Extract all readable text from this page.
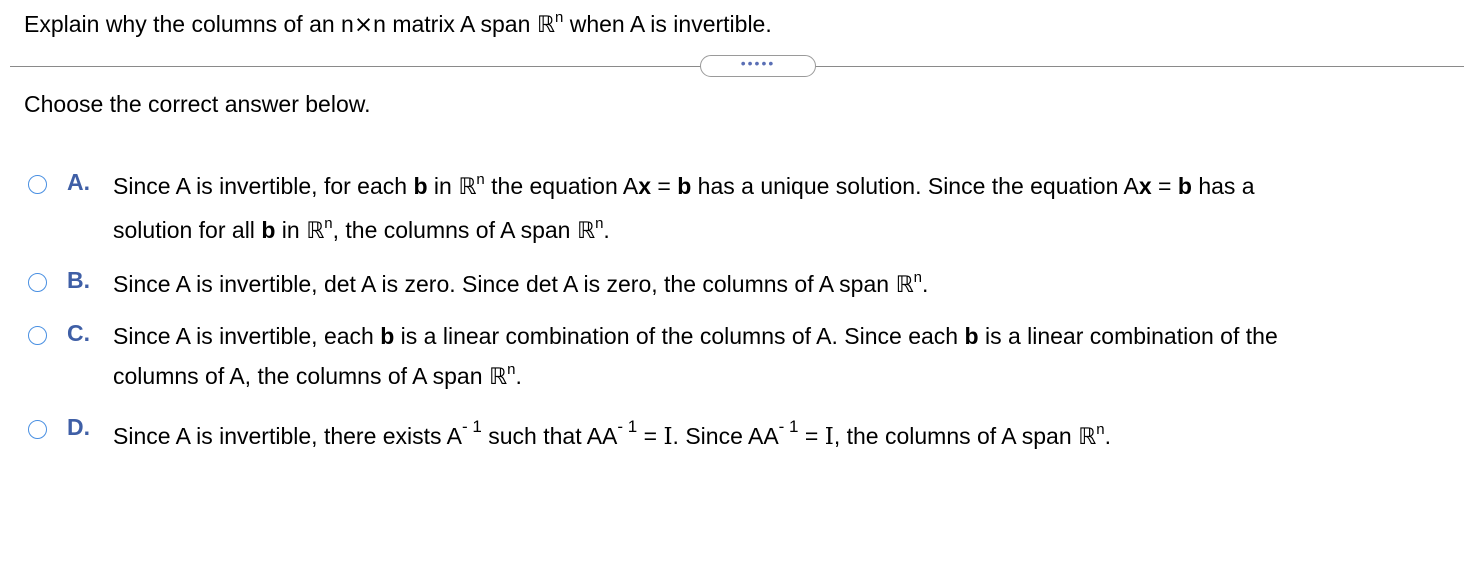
Explain why the columns of an n×n matrix A span ℝ$^n$ when A is invertible.
•••••
Choose the correct answer below.
A. Since A is invertible, for each b in ℝ$^n$ the equation Ax = b has a unique solution. Since the equation Ax = b has a
solution for all b in ℝ$^n$, the columns of A span ℝ$^n$.
B. Since A is invertible, det A is zero. Since det A is zero, the columns of A span ℝ$^n$.
C. Since A is invertible, each b is a linear combination of the columns of A. Since each b is a linear combination of the
columns of A, the columns of A span ℝ$^n$.
D. Since A is invertible, there exists $A^{- 1}$ such that $AA^{- 1} = I$. Since $AA^{- 1} = I$, the columns of A span ℝ$^n$.
